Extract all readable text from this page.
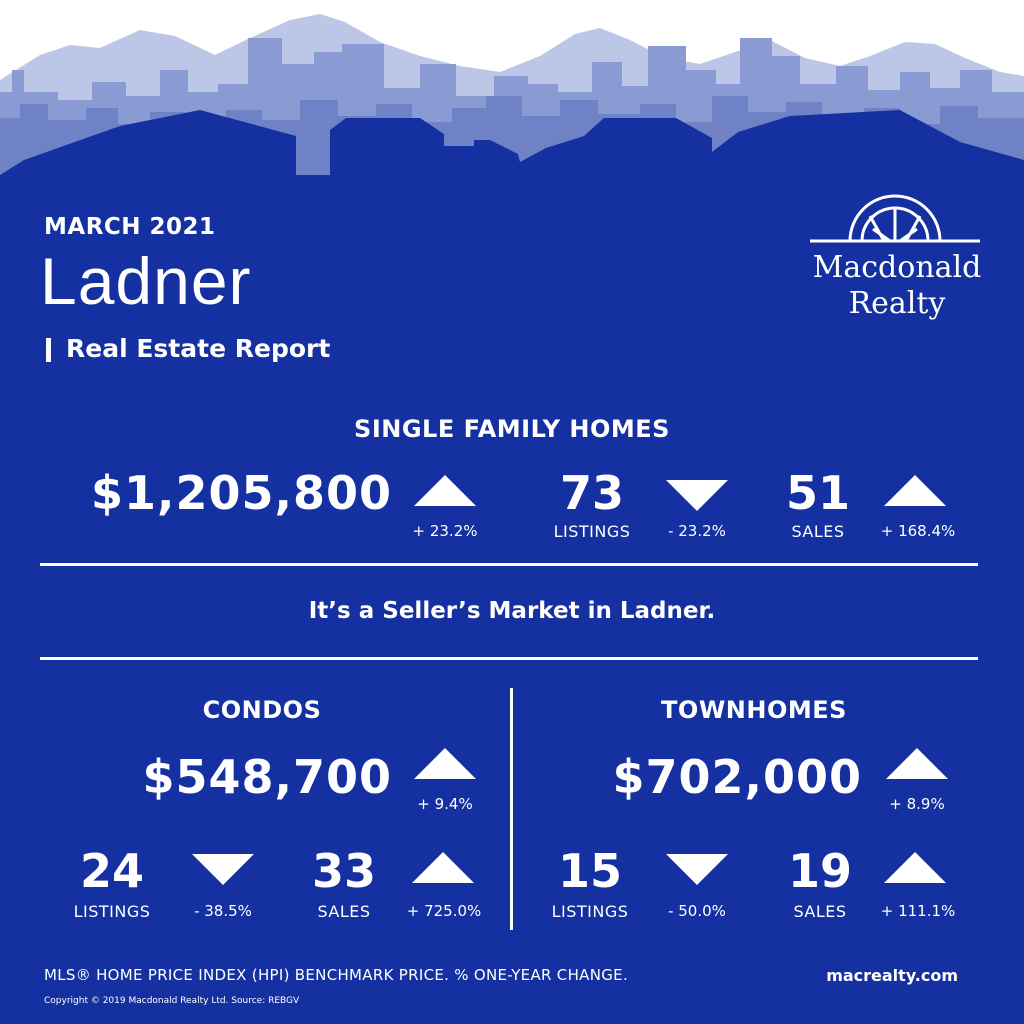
MARCH 2021
Ladner
Real Estate Report
Macdonald Realty
SINGLE FAMILY HOMES
$1,205,800
+ 23.2%
73
LISTINGS	- 23.2%
51
SALES	+ 168.4%
It’s a Seller’s Market in Ladner.
CONDOS
$548,700	+ 9.4%
24
LISTINGS	- 38.5%
33
SALES	+ 725.0%
TOWNHOMES
$702,000	+ 8.9%
15
LISTINGS	- 50.0%
19
SALES	+ 111.1%
MLS® HOME PRICE INDEX (HPI) BENCHMARK PRICE. % ONE-YEAR CHANGE.	macrealty.com
Copyright © 2019 Macdonald Realty Ltd. Source: REBGV
